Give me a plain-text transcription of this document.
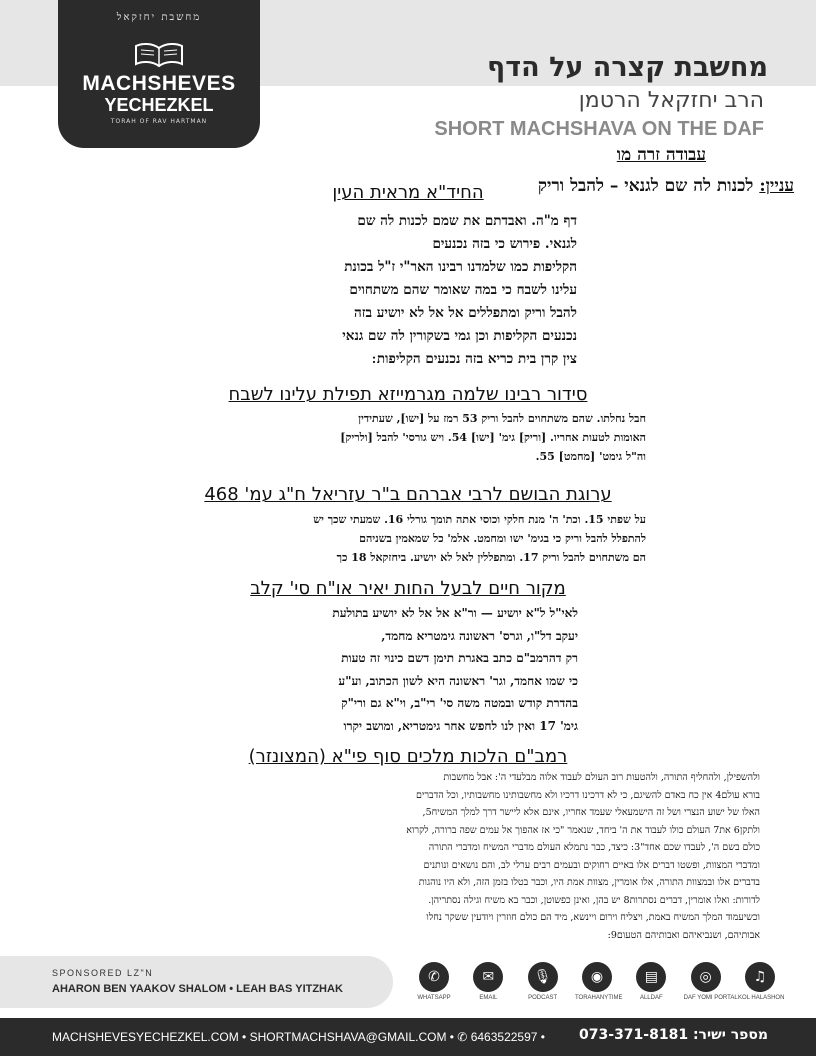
מחשבת יחזקאל
MACHSHEVES
YECHEZKEL
TORAH OF RAV HARTMAN
מחשבת קצרה על הדף
הרב יחזקאל הרטמן
SHORT MACHSHAVA ON THE DAF
עבודה זרה מו
עניין: לכנות לה שם לגנאי – להבל וריק
החיד"א מראית העין

דף מ"ה. ואבדתם את שמם לכנות לה שם

לגנאי. פירוש כי בזה נכנעים

הקליפות כמו שלמדנו רבינו האר"י ז"ל בכונת

עלינו לשבח כי במה שאומר שהם משתחוים

להבל וריק ומתפללים אל אל לא יושיע בזה

נכנעים הקליפות וכן גמי בשקורין לה שם גנאי

צין קרן בית כריא בזה נכנעים הקליפות ׃

סידור רבינו שלמה מגרמייזא תפילת עלינו לשבח

חבל נחלתו. שהם משתחוים להבל וריק 53 רמז על [ישו], שעתידין

האומות לטעות אחריו. [וריק] גימ' [ישו] 54. ויש גורסי' להבל [ולריק]

וה"ל גימט' [מחמט] 55.

ערוגת הבושם לרבי אברהם ב"ר עזריאל ח"ג עמ' 468

על שפתי 15. וכת' ה' מנת חלקי וכוסי אתה תומך גורלי 16. שמעתי שכך יש

להתפלל להבל וריק כי בגימ' ישו ומחמט. אלמ' כל שמאמין בשניהם

הם משתחוים להבל וריק 17. ומתפללין לאל לא יושיע. ביחזקאל 18 כך

מקור חיים לבעל החות יאיר או"ח סי' קלב

לאי"ל ל"א יושיע — ור"א אל אל לא יושיע בתולעת

יעקב דל"ו, וגרס' ראשונה גימטריא מחמד,

רק דהרמב"ם כתב באגרת תימן דשם כינוי זה טעות

כי שמו אחמד, וגר' ראשונה היא לשון הכתוב, וע"ע

בהדרת קודש ובמטה משה סי' רי"ב, וי"א גם ורי"ק

גימ' 17 ואין לנו לחפש אחר גימטריא, ומושב יקרו

רמב"ם הלכות מלכים סוף פי"א (המצונזר)

ולהשפילן, ולהחליף התורה, ולהטעות רוב העולם לעבוד אלוה מבלעדי ה': אבל מחשבות

בורא עולם4 אין כח באדם להשיגם, כי לא דרכינו דרכיו ולא מחשבותינו מחשבותיו, וכל הדברים

האלו של ישוע הנצרי ושל זה הישמעאלי שעמד אחריו, אינם אלא ליישר דרך למלך המשיח5,

ולתקן6 את7 העולם כולו לעבוד את ה' ביחד, שנאמר "כי אז אהפוך אל עמים שפה ברורה, לקרוא

כולם בשם ה', לעבדו שכם אחד"3: כיצד, כבר נתמלא העולם מדברי המשיח ומדברי התורה

ומדברי המצוות, ופשטו דברים אלו באיים רחוקים ובעמים רבים ערלי לב, והם נושאים ונותנים

בדברים אלו ובמצוות התורה, אלו אומרין, מצוות אמת היו, וכבר בטלו בזמן הזה, ולא היו נוהגות

לדורות: ואלו אומרין, דברים נסתרות8 יש בהן, ואינן כפשוטן, וכבר בא משיח וגילה נסתריהן.

וכשיעמוד המלך המשיח באמת, ויצליח וירום ויינשא, מיד הם כולם חוזרין ויודעין ששקר נחלו

אבותיהם, ושנביאיהם ואבותיהם הטעום9:

SPONSORED LZ"N
AHARON BEN YAAKOV SHALOM • LEAH BAS YITZHAK
✆
WHATSAPP
✉
EMAIL
🎙
PODCAST
◉
TORAHANYTIME
▤
ALLDAF
◎
DAF YOMI PORTAL
♫
KOL HALASHON
MACHSHEVESYECHEZKEL.COM • SHORTMACHSHAVA@GMAIL.COM • ✆ 6463522597 • מספר ישיר: 073-371-8181
